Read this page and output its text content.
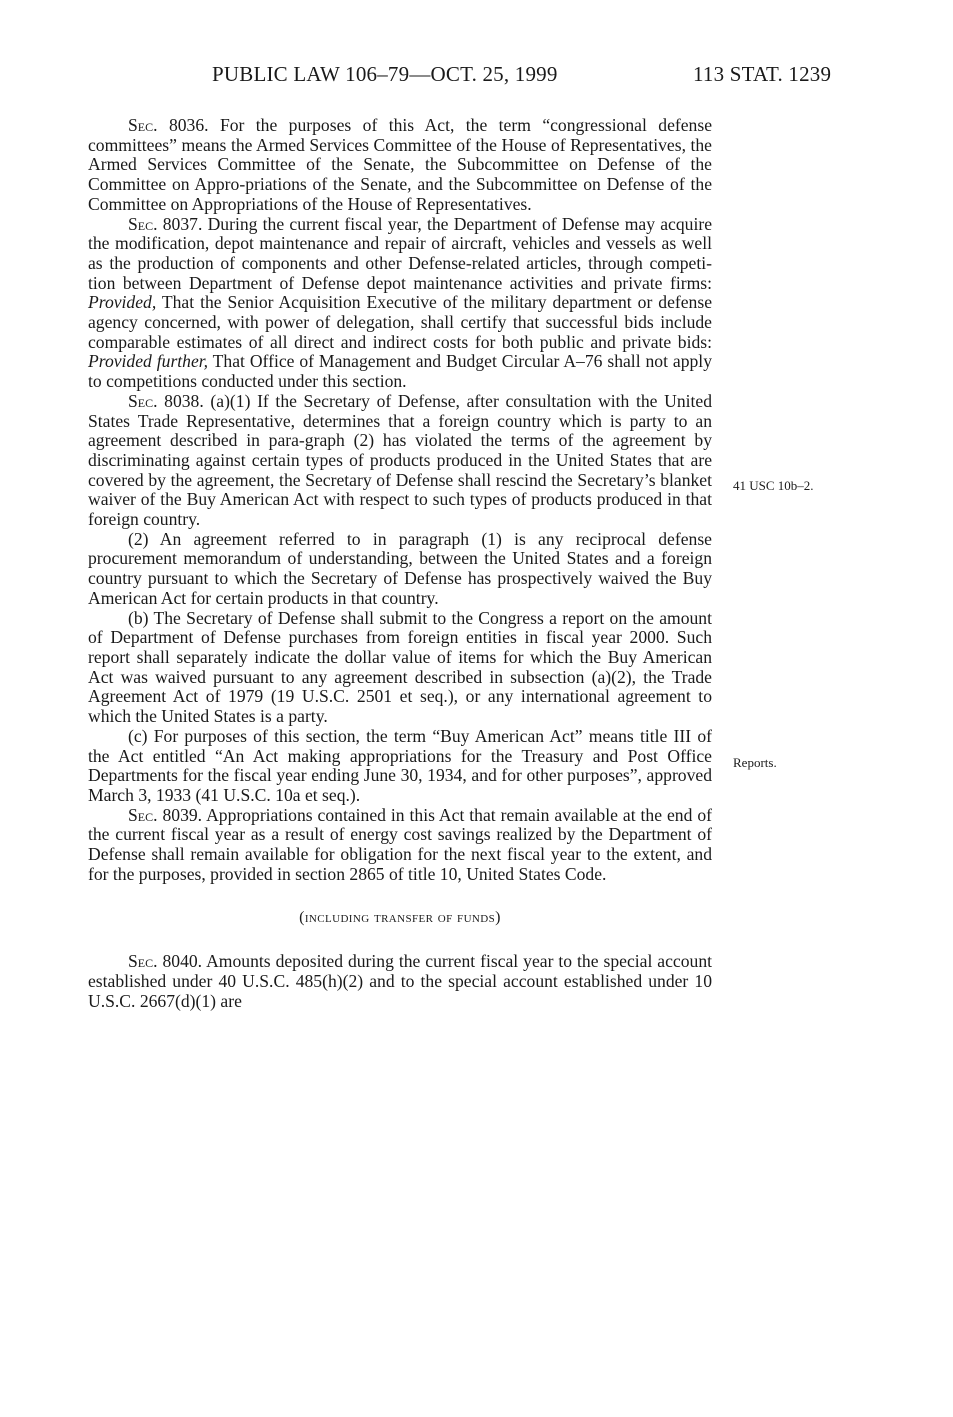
PUBLIC LAW 106–79—OCT. 25, 1999	113 STAT. 1239
41 USC 10b–2.
Reports.

Sec. 8036. For the purposes of this Act, the term “congressional defense committees” means the Armed Services Committee of the House of Representatives, the Armed Services Committee of the Senate, the Subcommittee on Defense of the Committee on Appro-priations of the Senate, and the Subcommittee on Defense of the Committee on Appropriations of the House of Representatives.

Sec. 8037. During the current fiscal year, the Department of Defense may acquire the modification, depot maintenance and repair of aircraft, vehicles and vessels as well as the production of components and other Defense-related articles, through competi-tion between Department of Defense depot maintenance activities and private firms: Provided, That the Senior Acquisition Executive of the military department or defense agency concerned, with power of delegation, shall certify that successful bids include comparable estimates of all direct and indirect costs for both public and private bids: Provided further, That Office of Management and Budget Circular A–76 shall not apply to competitions conducted under this section.

Sec. 8038. (a)(1) If the Secretary of Defense, after consultation with the United States Trade Representative, determines that a foreign country which is party to an agreement described in para-graph (2) has violated the terms of the agreement by discriminating against certain types of products produced in the United States that are covered by the agreement, the Secretary of Defense shall rescind the Secretary’s blanket waiver of the Buy American Act with respect to such types of products produced in that foreign country.

(2) An agreement referred to in paragraph (1) is any reciprocal defense procurement memorandum of understanding, between the United States and a foreign country pursuant to which the Secretary of Defense has prospectively waived the Buy American Act for certain products in that country.

(b) The Secretary of Defense shall submit to the Congress a report on the amount of Department of Defense purchases from foreign entities in fiscal year 2000. Such report shall separately indicate the dollar value of items for which the Buy American Act was waived pursuant to any agreement described in subsection (a)(2), the Trade Agreement Act of 1979 (19 U.S.C. 2501 et seq.), or any international agreement to which the United States is a party.

(c) For purposes of this section, the term “Buy American Act” means title III of the Act entitled “An Act making appropriations for the Treasury and Post Office Departments for the fiscal year ending June 30, 1934, and for other purposes”, approved March 3, 1933 (41 U.S.C. 10a et seq.).

Sec. 8039. Appropriations contained in this Act that remain available at the end of the current fiscal year as a result of energy cost savings realized by the Department of Defense shall remain available for obligation for the next fiscal year to the extent, and for the purposes, provided in section 2865 of title 10, United States Code.

(including transfer of funds)

Sec. 8040. Amounts deposited during the current fiscal year to the special account established under 40 U.S.C. 485(h)(2) and to the special account established under 10 U.S.C. 2667(d)(1) are
